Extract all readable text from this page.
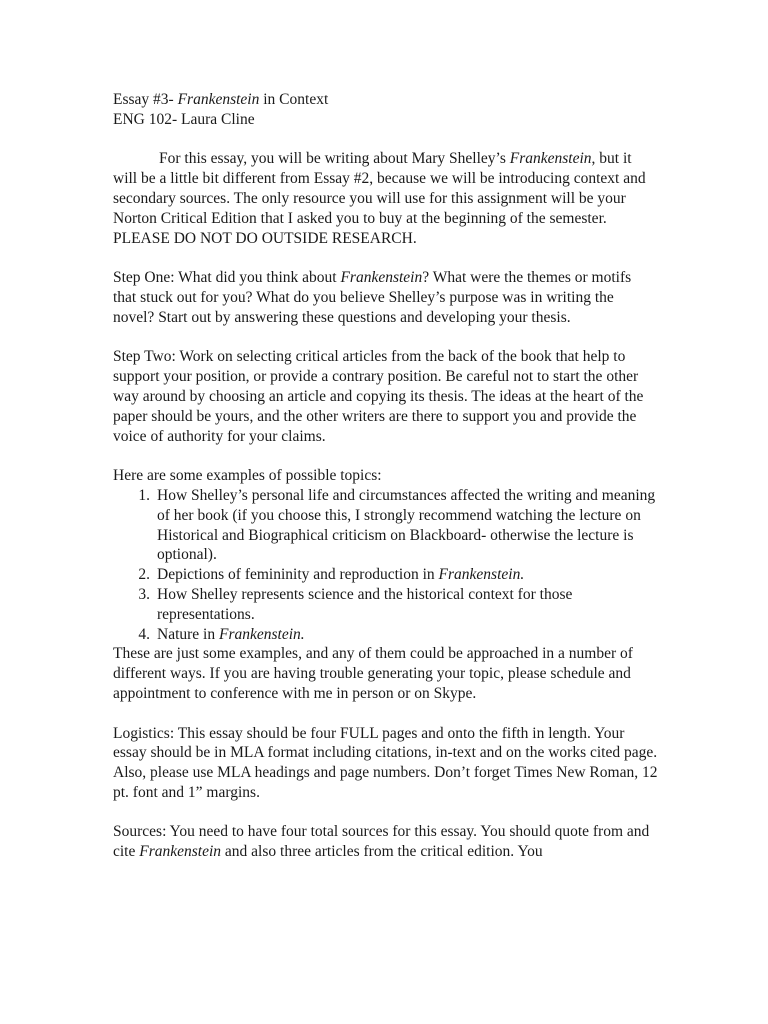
Essay #3- Frankenstein in Context

ENG 102- Laura Cline

For this essay, you will be writing about Mary Shelley’s Frankenstein, but it will be a little bit different from Essay #2, because we will be introducing context and secondary sources. The only resource you will use for this assignment will be your Norton Critical Edition that I asked you to buy at the beginning of the semester. PLEASE DO NOT DO OUTSIDE RESEARCH.

Step One: What did you think about Frankenstein? What were the themes or motifs that stuck out for you? What do you believe Shelley’s purpose was in writing the novel? Start out by answering these questions and developing your thesis.

Step Two: Work on selecting critical articles from the back of the book that help to support your position, or provide a contrary position. Be careful not to start the other way around by choosing an article and copying its thesis. The ideas at the heart of the paper should be yours, and the other writers are there to support you and provide the voice of authority for your claims.

Here are some examples of possible topics:

1. How Shelley’s personal life and circumstances affected the writing and meaning of her book (if you choose this, I strongly recommend watching the lecture on Historical and Biographical criticism on Blackboard- otherwise the lecture is optional).
2. Depictions of femininity and reproduction in Frankenstein.
3. How Shelley represents science and the historical context for those representations.
4. Nature in Frankenstein.

These are just some examples, and any of them could be approached in a number of different ways. If you are having trouble generating your topic, please schedule and appointment to conference with me in person or on Skype.

Logistics: This essay should be four FULL pages and onto the fifth in length. Your essay should be in MLA format including citations, in-text and on the works cited page. Also, please use MLA headings and page numbers. Don’t forget Times New Roman, 12 pt. font and 1” margins.

Sources: You need to have four total sources for this essay. You should quote from and cite Frankenstein and also three articles from the critical edition. You
